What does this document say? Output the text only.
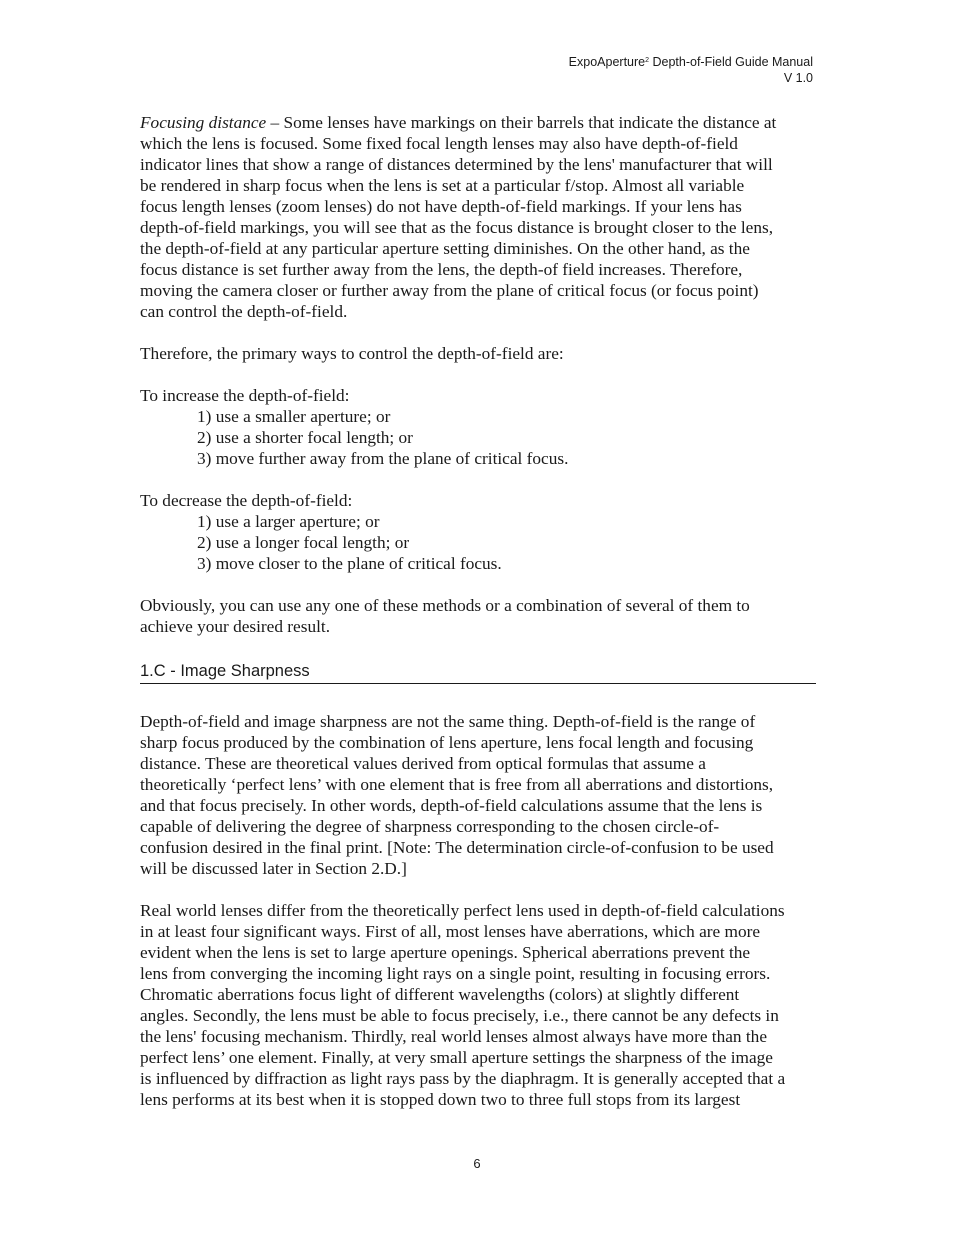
ExpoAperture$^2$ Depth-of-Field Guide Manual
V 1.0

Focusing distance – Some lenses have markings on their barrels that indicate the distance at
which the lens is focused. Some fixed focal length lenses may also have depth-of-field
indicator lines that show a range of distances determined by the lens' manufacturer that will
be rendered in sharp focus when the lens is set at a particular f/stop. Almost all variable
focus length lenses (zoom lenses) do not have depth-of-field markings. If your lens has
depth-of-field markings, you will see that as the focus distance is brought closer to the lens,
the depth-of-field at any particular aperture setting diminishes. On the other hand, as the
focus distance is set further away from the lens, the depth-of field increases. Therefore,
moving the camera closer or further away from the plane of critical focus (or focus point)
can control the depth-of-field.

Therefore, the primary ways to control the depth-of-field are:

To increase the depth-of-field:

1) use a smaller aperture; or
2) use a shorter focal length; or
3) move further away from the plane of critical focus.

To decrease the depth-of-field:

1) use a larger aperture; or
2) use a longer focal length; or
3) move closer to the plane of critical focus.

Obviously, you can use any one of these methods or a combination of several of them to
achieve your desired result.

1.C - Image Sharpness

Depth-of-field and image sharpness are not the same thing. Depth-of-field is the range of
sharp focus produced by the combination of lens aperture, lens focal length and focusing
distance. These are theoretical values derived from optical formulas that assume a
theoretically ‘perfect lens’ with one element that is free from all aberrations and distortions,
and that focus precisely. In other words, depth-of-field calculations assume that the lens is
capable of delivering the degree of sharpness corresponding to the chosen circle-of-
confusion desired in the final print. [Note: The determination circle-of-confusion to be used
will be discussed later in Section 2.D.]

Real world lenses differ from the theoretically perfect lens used in depth-of-field calculations
in at least four significant ways. First of all, most lenses have aberrations, which are more
evident when the lens is set to large aperture openings. Spherical aberrations prevent the
lens from converging the incoming light rays on a single point, resulting in focusing errors.
Chromatic aberrations focus light of different wavelengths (colors) at slightly different
angles. Secondly, the lens must be able to focus precisely, i.e., there cannot be any defects in
the lens' focusing mechanism. Thirdly, real world lenses almost always have more than the
perfect lens’ one element. Finally, at very small aperture settings the sharpness of the image
is influenced by diffraction as light rays pass by the diaphragm. It is generally accepted that a
lens performs at its best when it is stopped down two to three full stops from its largest

6
